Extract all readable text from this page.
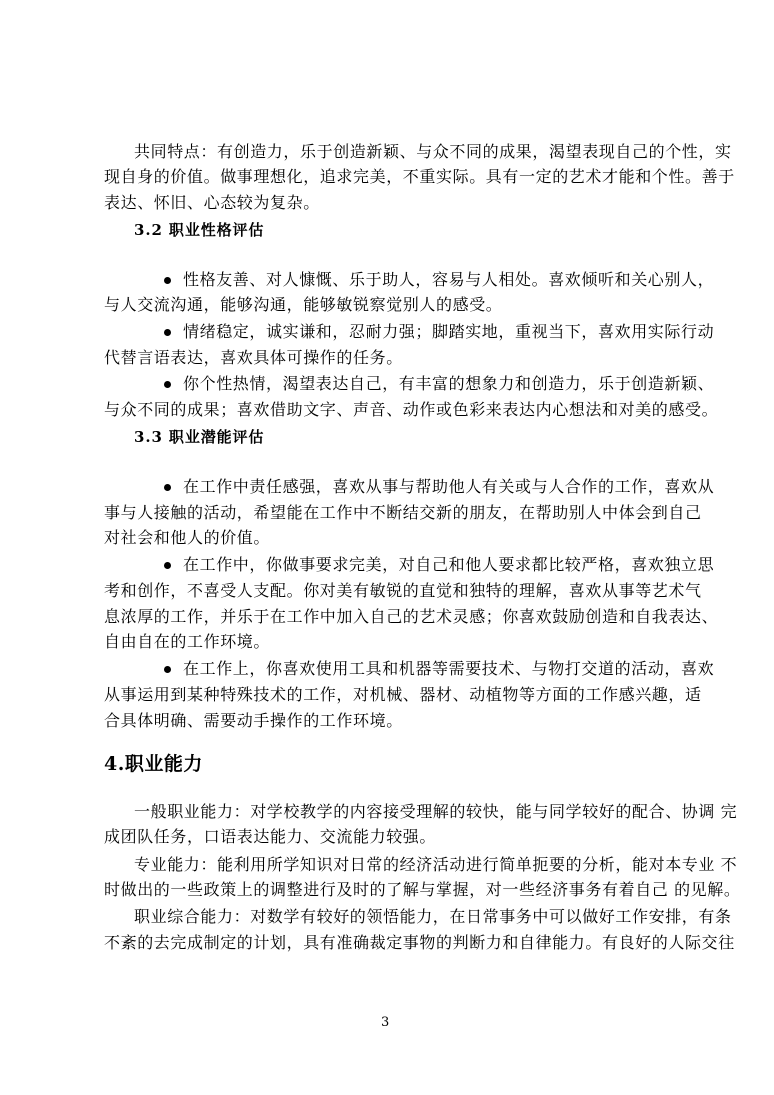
共同特点：有创造力，乐于创造新颖、与众不同的成果，渴望表现自己的个性，实
现自身的价值。做事理想化，追求完美，不重实际。具有一定的艺术才能和个性。善于
表达、怀旧、心态较为复杂。
3.2 职业性格评估
性格友善、对人慷慨、乐于助人，容易与人相处。喜欢倾听和关心别人，
与人交流沟通，能够沟通，能够敏锐察觉别人的感受。
情绪稳定，诚实谦和，忍耐力强；脚踏实地，重视当下，喜欢用实际行动
代替言语表达，喜欢具体可操作的任务。
你个性热情，渴望表达自己，有丰富的想象力和创造力，乐于创造新颖、
与众不同的成果；喜欢借助文字、声音、动作或色彩来表达内心想法和对美的感受。
3.3 职业潜能评估
在工作中责任感强，喜欢从事与帮助他人有关或与人合作的工作，喜欢从
事与人接触的活动，希望能在工作中不断结交新的朋友，在帮助别人中体会到自己
对社会和他人的价值。
在工作中，你做事要求完美，对自己和他人要求都比较严格，喜欢独立思
考和创作，不喜受人支配。你对美有敏锐的直觉和独特的理解，喜欢从事等艺术气
息浓厚的工作，并乐于在工作中加入自己的艺术灵感；你喜欢鼓励创造和自我表达、
自由自在的工作环境。
在工作上，你喜欢使用工具和机器等需要技术、与物打交道的活动，喜欢
从事运用到某种特殊技术的工作，对机械、器材、动植物等方面的工作感兴趣，适
合具体明确、需要动手操作的工作环境。
4.职业能力
一般职业能力：对学校教学的内容接受理解的较快，能与同学较好的配合、协调 完
成团队任务，口语表达能力、交流能力较强。
专业能力：能利用所学知识对日常的经济活动进行简单扼要的分析，能对本专业 不
时做出的一些政策上的调整进行及时的了解与掌握，对一些经济事务有着自己 的见解。
职业综合能力：对数学有较好的领悟能力，在日常事务中可以做好工作安排，有条
不紊的去完成制定的计划，具有准确裁定事物的判断力和自律能力。有良好的人际交往
3
